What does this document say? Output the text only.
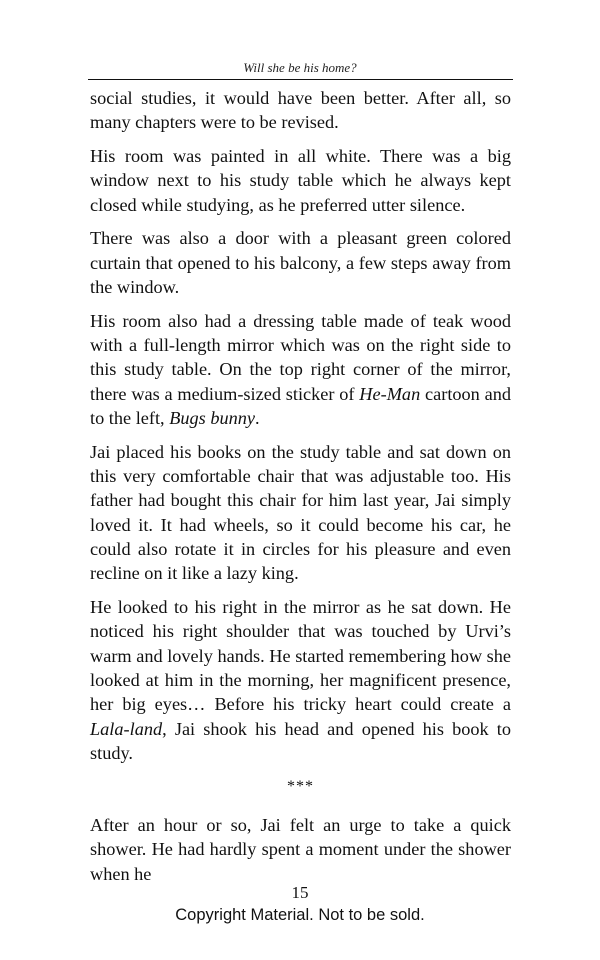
Will she be his home?

social studies, it would have been better. After all, so many chapters were to be revised.

His room was painted in all white. There was a big window next to his study table which he always kept closed while studying, as he preferred utter silence.

There was also a door with a pleasant green colored curtain that opened to his balcony, a few steps away from the window.

His room also had a dressing table made of teak wood with a full-length mirror which was on the right side to this study table. On the top right corner of the mirror, there was a medium-sized sticker of He-Man cartoon and to the left, Bugs bunny.

Jai placed his books on the study table and sat down on this very comfortable chair that was adjustable too. His father had bought this chair for him last year, Jai simply loved it. It had wheels, so it could become his car, he could also rotate it in circles for his pleasure and even recline on it like a lazy king.

He looked to his right in the mirror as he sat down. He noticed his right shoulder that was touched by Urvi’s warm and lovely hands. He started remembering how she looked at him in the morning, her magnificent presence, her big eyes… Before his tricky heart could create a Lala-land, Jai shook his head and opened his book to study.

***

After an hour or so, Jai felt an urge to take a quick shower. He had hardly spent a moment under the shower when he

15
Copyright Material. Not to be sold.
